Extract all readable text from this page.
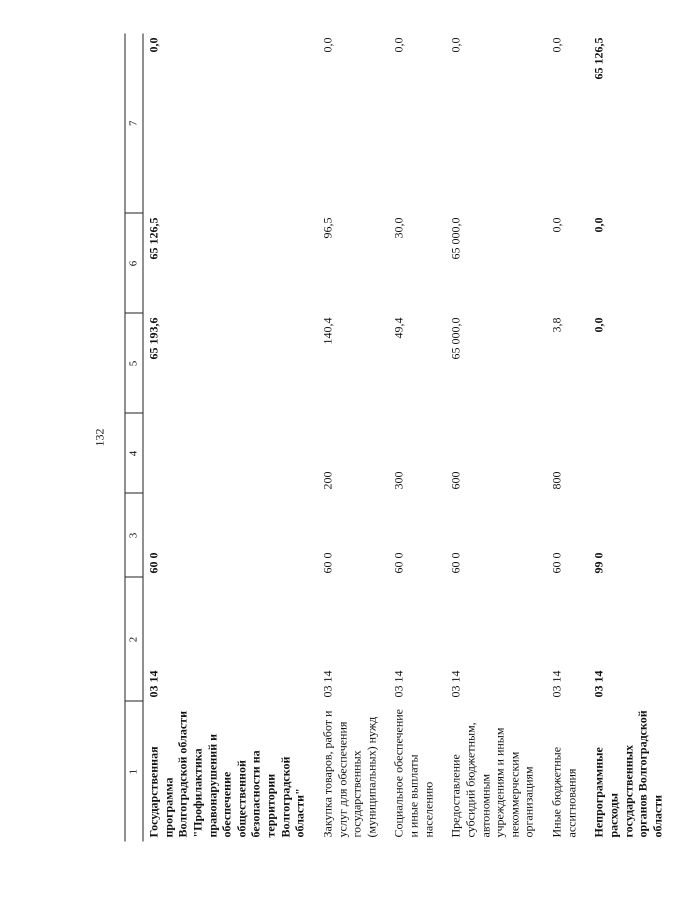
132
1	2	3	4	5	6	7
Государственная программа Волгоградской области "Профилактика правонарушений и обеспечение общественной безопасности на территории Волгоградской области"	03 14	60 0		65 193,6	65 126,5	0,0
Закупка товаров, работ и услуг для обеспечения государственных (муниципальных) нужд	03 14	60 0	200	140,4	96,5	0,0
Социальное обеспечение и иные выплаты населению	03 14	60 0	300	49,4	30,0	0,0
Предоставление субсидий бюджетным, автономным учреждениям и иным некоммерческим организациям	03 14	60 0	600	65 000,0	65 000,0	0,0
Иные бюджетные ассигнования	03 14	60 0	800	3,8	0,0	0,0
Непрограммные расходы государственных органов Волгоградской области	03 14	99 0		0,0	0,0	65 126,5
